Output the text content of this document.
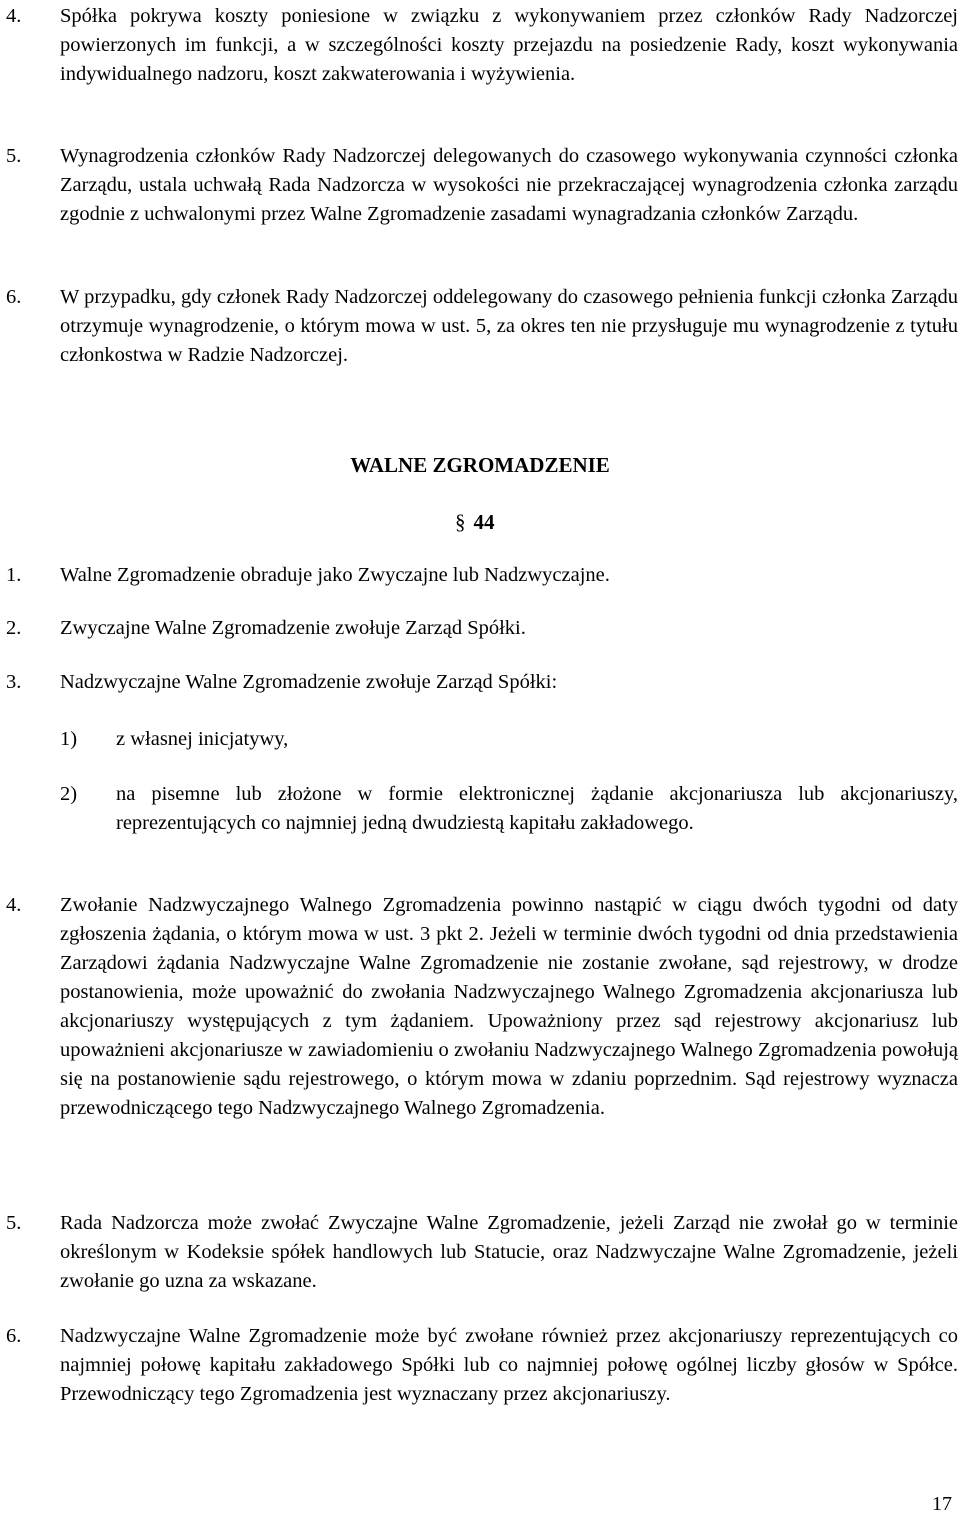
4.	Spółka pokrywa koszty poniesione w związku z wykonywaniem przez członków Rady Nadzorczej powierzonych im funkcji, a w szczególności koszty przejazdu na posiedzenie Rady, koszt wykonywania indywidualnego nadzoru, koszt zakwaterowania i wyżywienia.
5.	Wynagrodzenia członków Rady Nadzorczej delegowanych do czasowego wykonywania czynności członka Zarządu, ustala uchwałą Rada Nadzorcza w wysokości nie przekraczającej wynagrodzenia członka zarządu zgodnie z uchwalonymi przez Walne Zgromadzenie zasadami wynagradzania członków Zarządu.
6.	W przypadku, gdy członek Rady Nadzorczej oddelegowany do czasowego pełnienia funkcji członka Zarządu otrzymuje wynagrodzenie, o którym mowa w ust. 5, za okres ten nie przysługuje mu wynagrodzenie z tytułu członkostwa w Radzie Nadzorczej.
WALNE ZGROMADZENIE
§ 44
1.	Walne Zgromadzenie obraduje jako Zwyczajne lub Nadzwyczajne.
2.	Zwyczajne Walne Zgromadzenie zwołuje Zarząd Spółki.
3.	Nadzwyczajne Walne Zgromadzenie zwołuje Zarząd Spółki:
1)	z własnej inicjatywy,
2)	na pisemne lub złożone w formie elektronicznej żądanie akcjonariusza lub akcjonariuszy, reprezentujących co najmniej jedną dwudziestą kapitału zakładowego.
4.	Zwołanie Nadzwyczajnego Walnego Zgromadzenia powinno nastąpić w ciągu dwóch tygodni od daty zgłoszenia żądania, o którym mowa w ust. 3 pkt 2. Jeżeli w terminie dwóch tygodni od dnia przedstawienia Zarządowi żądania Nadzwyczajne Walne Zgromadzenie nie zostanie zwołane, sąd rejestrowy, w drodze postanowienia, może upoważnić do zwołania Nadzwyczajnego Walnego Zgromadzenia akcjonariusza lub akcjonariuszy występujących z tym żądaniem. Upoważniony przez sąd rejestrowy akcjonariusz lub upoważnieni akcjonariusze w zawiadomieniu o zwołaniu Nadzwyczajnego Walnego Zgromadzenia powołują się na postanowienie sądu rejestrowego, o którym mowa w zdaniu poprzednim. Sąd rejestrowy wyznacza przewodniczącego tego Nadzwyczajnego Walnego Zgromadzenia.
5.	Rada Nadzorcza może zwołać Zwyczajne Walne Zgromadzenie, jeżeli Zarząd nie zwołał go w terminie określonym w Kodeksie spółek handlowych lub Statucie, oraz Nadzwyczajne Walne Zgromadzenie, jeżeli zwołanie go uzna za wskazane.
6.	Nadzwyczajne Walne Zgromadzenie może być zwołane również przez akcjonariuszy reprezentujących co najmniej połowę kapitału zakładowego Spółki lub co najmniej połowę ogólnej liczby głosów w Spółce. Przewodniczący tego Zgromadzenia jest wyznaczany przez akcjonariuszy.
17
